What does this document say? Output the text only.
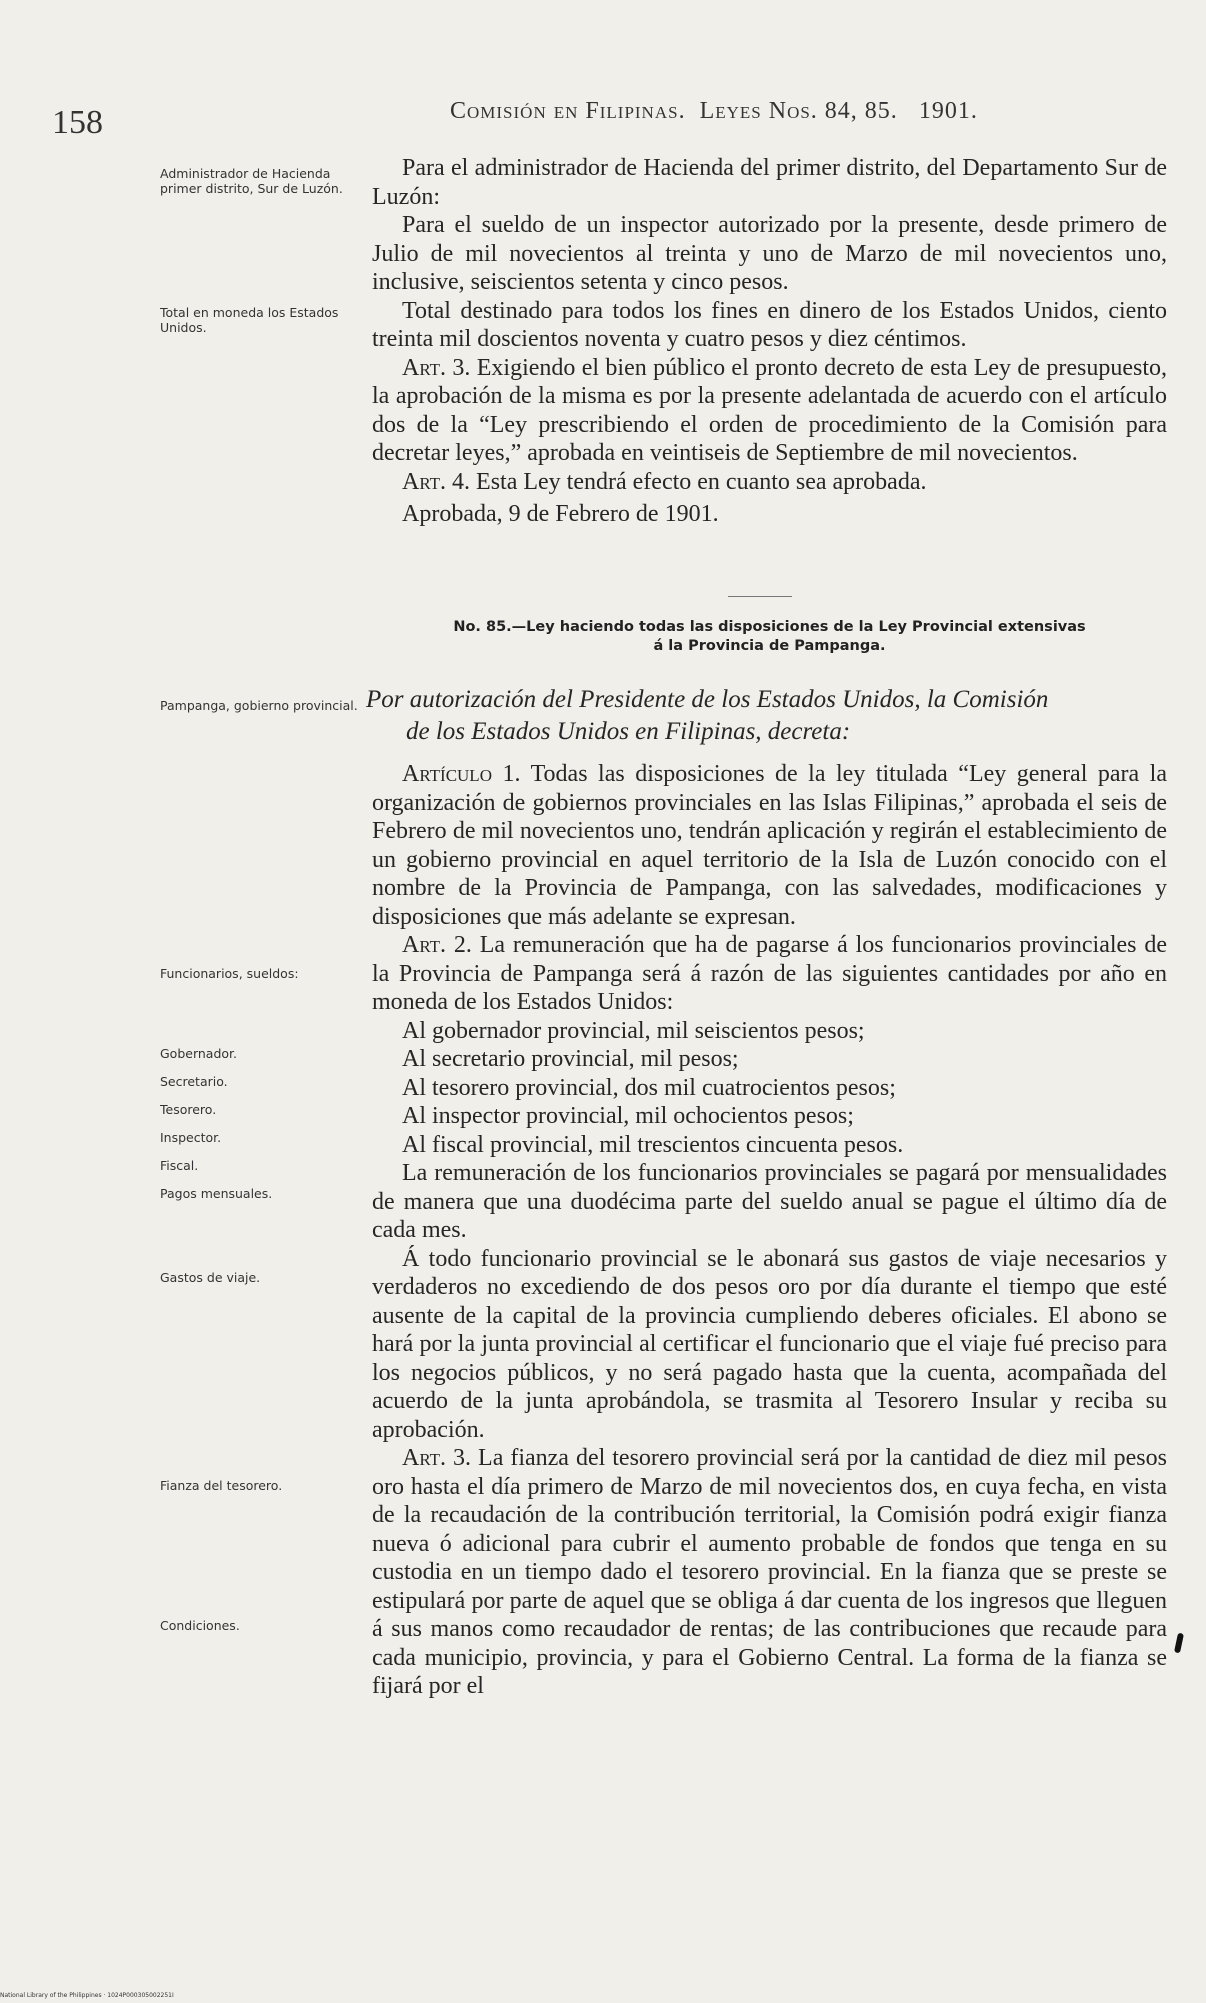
158	Comisión en Filipinas. Leyes Nos. 84, 85. 1901.
Administrador de Hacienda primer distrito, Sur de Luzón.
Total en moneda los Estados Unidos.
Pampanga, gobierno provincial.
Funcionarios, sueldos:
Gobernador.
Secretario.
Tesorero.
Inspector.
Fiscal.
Pagos mensuales.
Gastos de viaje.
Fianza del tesorero.
Condiciones.

Para el administrador de Hacienda del primer distrito, del Departamento Sur de Luzón:

Para el sueldo de un inspector autorizado por la presente, desde primero de Julio de mil novecientos al treinta y uno de Marzo de mil novecientos uno, inclusive, seiscientos setenta y cinco pesos.

Total destinado para todos los fines en dinero de los Estados Unidos, ciento treinta mil doscientos noventa y cuatro pesos y diez céntimos.

Art. 3. Exigiendo el bien público el pronto decreto de esta Ley de presupuesto, la aprobación de la misma es por la presente adelantada de acuerdo con el artículo dos de la “Ley prescribiendo el orden de procedimiento de la Comisión para decretar leyes,” aprobada en veintiseis de Septiembre de mil novecientos.

Art. 4. Esta Ley tendrá efecto en cuanto sea aprobada.

Aprobada, 9 de Febrero de 1901.

No. 85.—Ley haciendo todas las disposiciones de la Ley Provincial extensivas
á la Provincia de Pampanga.
Por autorización del Presidente de los Estados Unidos, la Comisión
de los Estados Unidos en Filipinas, decreta:

Artículo 1. Todas las disposiciones de la ley titulada “Ley general para la organización de gobiernos provinciales en las Islas Filipinas,” aprobada el seis de Febrero de mil novecientos uno, tendrán aplicación y regirán el establecimiento de un gobierno provincial en aquel territorio de la Isla de Luzón conocido con el nombre de la Provincia de Pampanga, con las salvedades, modificaciones y disposiciones que más adelante se expresan.

Art. 2. La remuneración que ha de pagarse á los funcionarios provinciales de la Provincia de Pampanga será á razón de las siguientes cantidades por año en moneda de los Estados Unidos:

Al gobernador provincial, mil seiscientos pesos;

Al secretario provincial, mil pesos;

Al tesorero provincial, dos mil cuatrocientos pesos;

Al inspector provincial, mil ochocientos pesos;

Al fiscal provincial, mil trescientos cincuenta pesos.

La remuneración de los funcionarios provinciales se pagará por mensualidades de manera que una duodécima parte del sueldo anual se pague el último día de cada mes.

Á todo funcionario provincial se le abonará sus gastos de viaje necesarios y verdaderos no excediendo de dos pesos oro por día durante el tiempo que esté ausente de la capital de la provincia cumpliendo deberes oficiales. El abono se hará por la junta provincial al certificar el funcionario que el viaje fué preciso para los negocios públicos, y no será pagado hasta que la cuenta, acompañada del acuerdo de la junta aprobándola, se trasmita al Tesorero Insular y reciba su aprobación.

Art. 3. La fianza del tesorero provincial será por la cantidad de diez mil pesos oro hasta el día primero de Marzo de mil novecientos dos, en cuya fecha, en vista de la recaudación de la contribución territorial, la Comisión podrá exigir fianza nueva ó adicional para cubrir el aumento probable de fondos que tenga en su custodia en un tiempo dado el tesorero provincial. En la fianza que se preste se estipulará por parte de aquel que se obliga á dar cuenta de los ingresos que lleguen á sus manos como recaudador de rentas; de las contribuciones que recaude para cada municipio, provincia, y para el Gobierno Central. La forma de la fianza se fijará por el

National Library of the Philippines · 1024P000305002251I
